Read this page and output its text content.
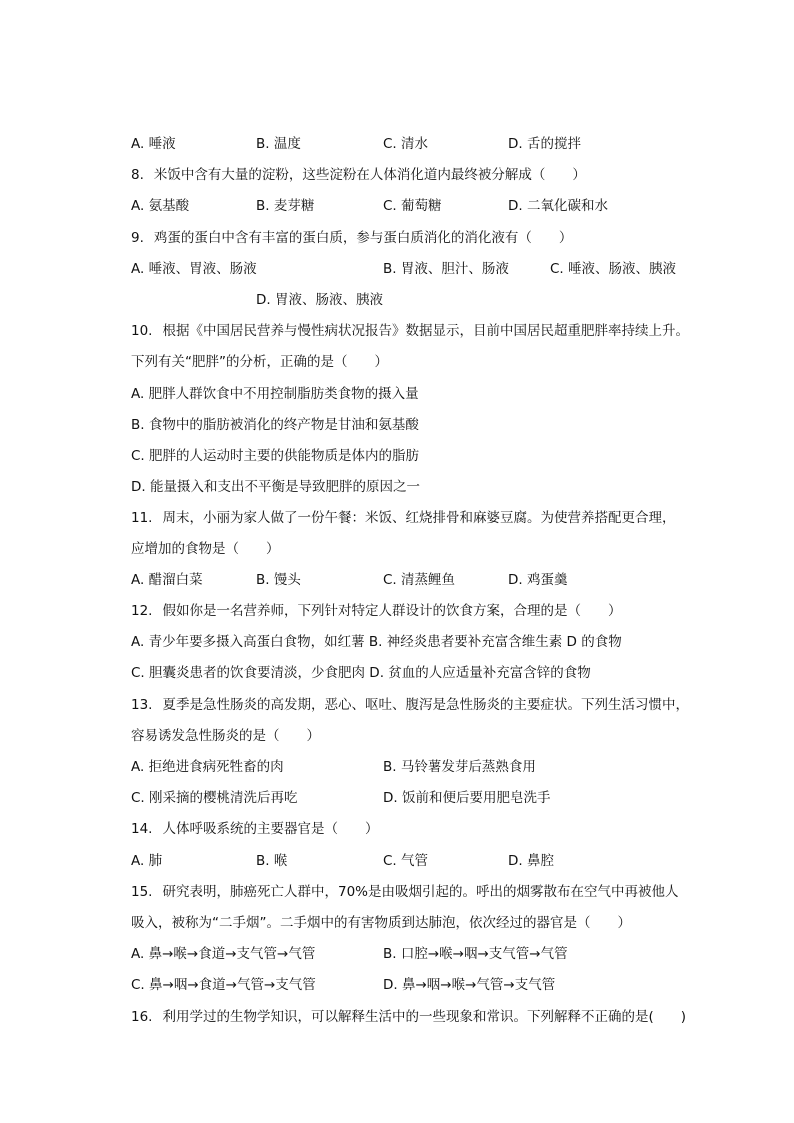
A. 唾液	B. 温度	C. 清水	D. 舌的搅拌
8. 米饭中含有大量的淀粉，这些淀粉在人体消化道内最终被分解成（　　）
A. 氨基酸	B. 麦芽糖	C. 葡萄糖	D. 二氧化碳和水
9. 鸡蛋的蛋白中含有丰富的蛋白质，参与蛋白质消化的消化液有（　　）
A. 唾液、胃液、肠液	B. 胃液、胆汁、肠液	C. 唾液、肠液、胰液
D. 胃液、肠液、胰液
10. 根据《中国居民营养与慢性病状况报告》数据显示，目前中国居民超重肥胖率持续上升。
下列有关“肥胖”的分析，正确的是（　　）
A. 肥胖人群饮食中不用控制脂肪类食物的摄入量
B. 食物中的脂肪被消化的终产物是甘油和氨基酸
C. 肥胖的人运动时主要的供能物质是体内的脂肪
D. 能量摄入和支出不平衡是导致肥胖的原因之一
11. 周末，小丽为家人做了一份午餐：米饭、红烧排骨和麻婆豆腐。为使营养搭配更合理，
应增加的食物是（　　）
A. 醋溜白菜	B. 馒头	C. 清蒸鲤鱼	D. 鸡蛋羹
12. 假如你是一名营养师，下列针对特定人群设计的饮食方案，合理的是（　　）
A. 青少年要多摄入高蛋白食物，如红薯 B. 神经炎患者要补充富含维生素 D 的食物
C. 胆囊炎患者的饮食要清淡，少食肥肉 D. 贫血的人应适量补充富含锌的食物
13. 夏季是急性肠炎的高发期，恶心、呕吐、腹泻是急性肠炎的主要症状。下列生活习惯中，
容易诱发急性肠炎的是（　　）
A. 拒绝进食病死牲畜的肉	B. 马铃薯发芽后蒸熟食用
C. 刚采摘的樱桃清洗后再吃	D. 饭前和便后要用肥皂洗手
14. 人体呼吸系统的主要器官是（　　）
A. 肺	B. 喉	C. 气管	D. 鼻腔
15. 研究表明，肺癌死亡人群中，70%是由吸烟引起的。呼出的烟雾散布在空气中再被他人
吸入，被称为“二手烟”。二手烟中的有害物质到达肺泡，依次经过的器官是（　　）
A. 鼻→喉→食道→支气管→气管	B. 口腔→喉→咽→支气管→气管
C. 鼻→咽→食道→气管→支气管	D. 鼻→咽→喉→气管→支气管
16. 利用学过的生物学知识，可以解释生活中的一些现象和常识。下列解释不正确的是(　　)
